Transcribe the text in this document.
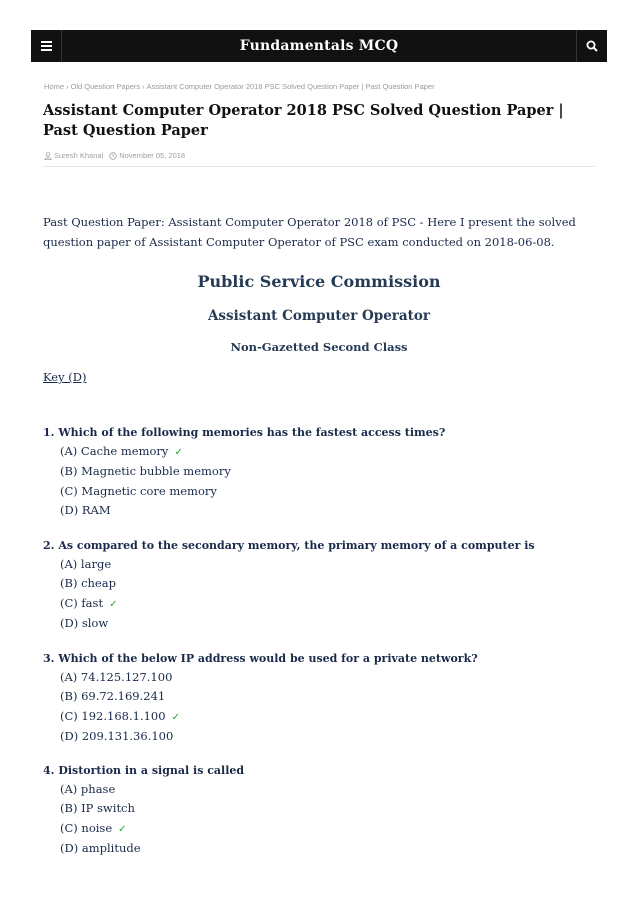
Fundamentals MCQ
Home › Old Question Papers › Assistant Computer Operator 2018 PSC Solved Question Paper | Past Question Paper
Assistant Computer Operator 2018 PSC Solved Question Paper | Past Question Paper
Suresh Khanal November 05, 2018

Past Question Paper: Assistant Computer Operator 2018 of PSC - Here I present the solved question paper of Assistant Computer Operator of PSC exam conducted on 2018-06-08.

Public Service Commission
Assistant Computer Operator
Non-Gazetted Second Class
Key (D)
1. Which of the following memories has the fastest access times?
(A) Cache memory ✓
(B) Magnetic bubble memory
(C) Magnetic core memory
(D) RAM
2. As compared to the secondary memory, the primary memory of a computer is
(A) large
(B) cheap
(C) fast ✓
(D) slow
3. Which of the below IP address would be used for a private network?
(A) 74.125.127.100
(B) 69.72.169.241
(C) 192.168.1.100 ✓
(D) 209.131.36.100
4. Distortion in a signal is called
(A) phase
(B) IP switch
(C) noise ✓
(D) amplitude
